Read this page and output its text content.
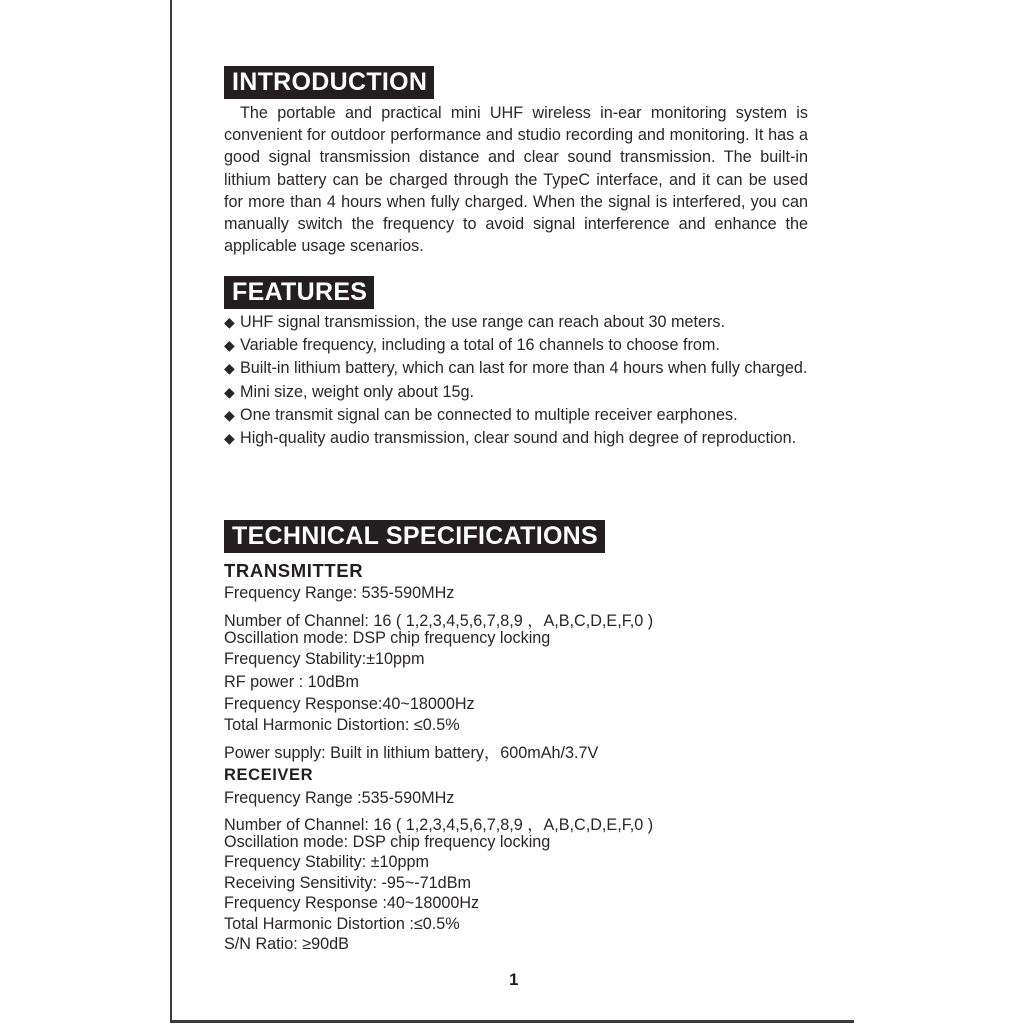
INTRODUCTION

The portable and practical mini UHF wireless in-ear monitoring system is convenient for outdoor performance and studio recording and monitoring. It has a good signal transmission distance and clear sound transmission. The built-in lithium battery can be charged through the TypeC interface, and it can be used for more than 4 hours when fully charged. When the signal is interfered, you can manually switch the frequency to avoid signal interference and enhance the applicable usage scenarios.

FEATURES
◆ UHF signal transmission, the use range can reach about 30 meters.
◆ Variable frequency, including a total of 16 channels to choose from.
◆ Built-in lithium battery, which can last for more than 4 hours when fully charged.
◆ Mini size, weight only about 15g.
◆ One transmit signal can be connected to multiple receiver earphones.
◆ High-quality audio transmission, clear sound and high degree of reproduction.
TECHNICAL SPECIFICATIONS
TRANSMITTER
Frequency Range: 535-590MHz
Number of Channel: 16 ( 1,2,3,4,5,6,7,8,9 ，A,B,C,D,E,F,0 )
Oscillation mode: DSP chip frequency locking
Frequency Stability:±10ppm
RF power : 10dBm
Frequency Response:40~18000Hz
Total Harmonic Distortion: ≤0.5%
Power supply: Built in lithium battery，600mAh/3.7V
RECEIVER
Frequency Range :535-590MHz
Number of Channel: 16 ( 1,2,3,4,5,6,7,8,9 ，A,B,C,D,E,F,0 )
Oscillation mode: DSP chip frequency locking
Frequency Stability: ±10ppm
Receiving Sensitivity: -95~-71dBm
Frequency Response :40~18000Hz
Total Harmonic Distortion :≤0.5%
S/N Ratio: ≥90dB
1
